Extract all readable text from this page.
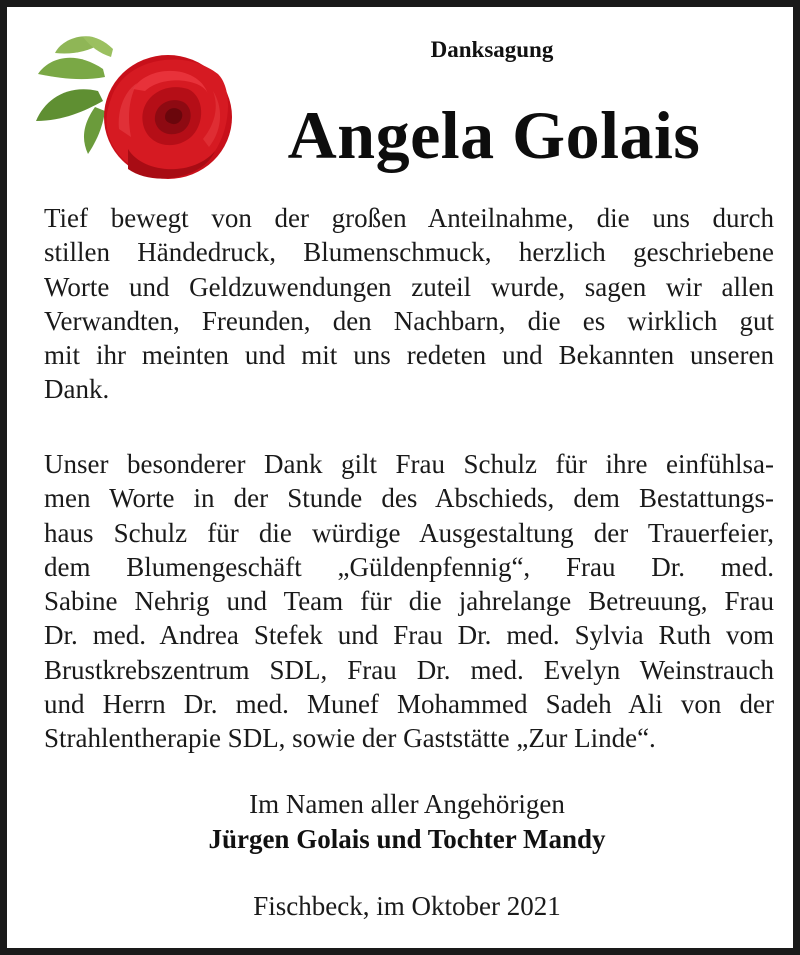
Danksagung
Angela Golais
Tief bewegt von der großen Anteilnahme, die uns durch
stillen Händedruck, Blumenschmuck, herzlich geschriebene
Worte und Geldzuwendungen zuteil wurde, sagen wir allen
Verwandten, Freunden, den Nachbarn, die es wirklich gut
mit ihr meinten und mit uns redeten und Bekannten unseren
Dank.
Unser besonderer Dank gilt Frau Schulz für ihre einfühlsa-
men Worte in der Stunde des Abschieds, dem Bestattungs-
haus Schulz für die würdige Ausgestaltung der Trauerfeier,
dem Blumengeschäft „Güldenpfennig“, Frau Dr. med.
Sabine Nehrig und Team für die jahrelange Betreuung, Frau
Dr. med. Andrea Stefek und Frau Dr. med. Sylvia Ruth vom
Brustkrebszentrum SDL, Frau Dr. med. Evelyn Weinstrauch
und Herrn Dr. med. Munef Mohammed Sadeh Ali von der
Strahlentherapie SDL, sowie der Gaststätte „Zur Linde“.
Im Namen aller Angehörigen
Jürgen Golais und Tochter Mandy
Fischbeck, im Oktober 2021
